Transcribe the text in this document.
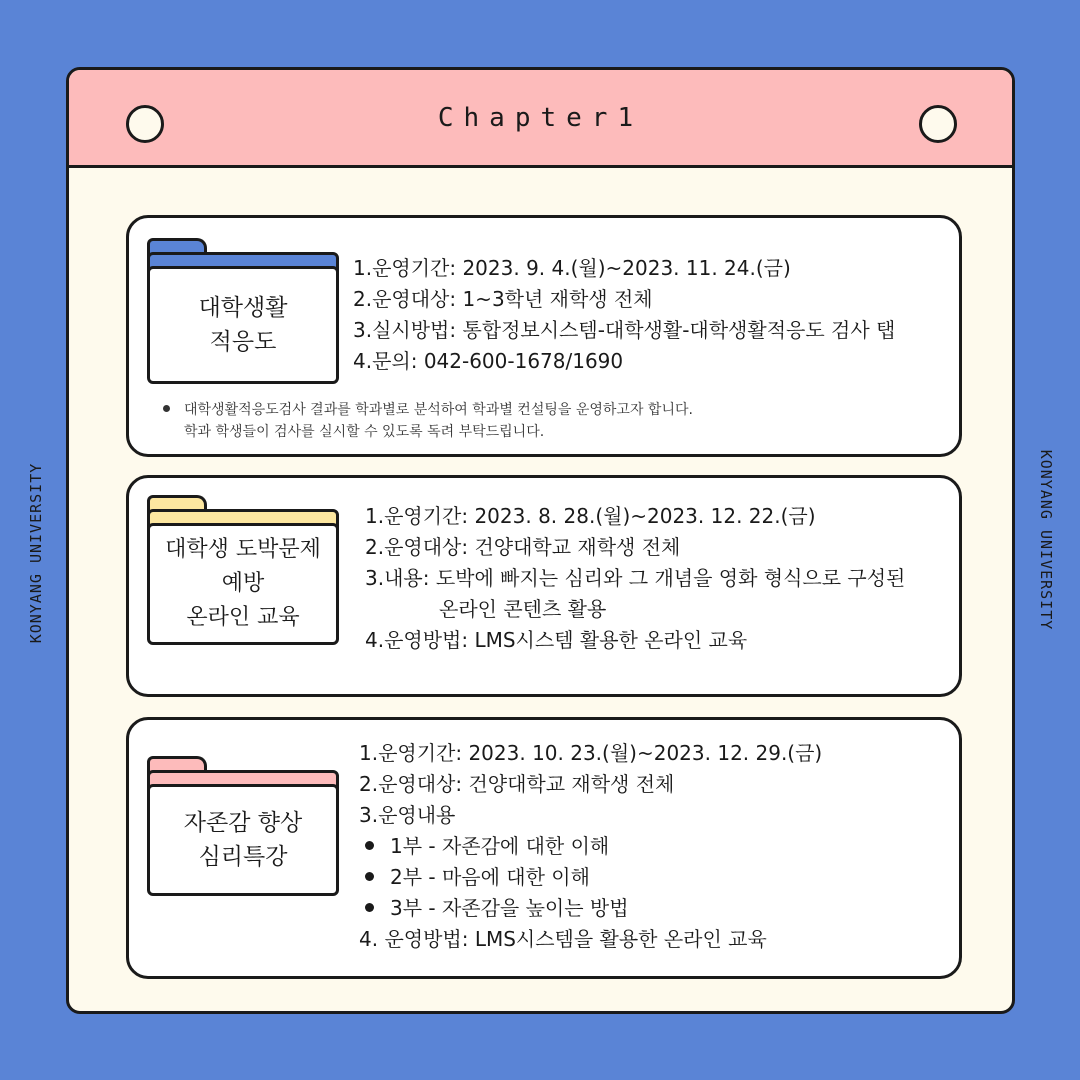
KONYANG UNIVERSITY	KONYANG UNIVERSITY
Chapter1
대학생활
적응도
1.운영기간: 2023. 9. 4.(월)~2023. 11. 24.(금)
2.운영대상: 1~3학년 재학생 전체
3.실시방법: 통합정보시스템-대학생활-대학생활적응도 검사 탭
4.문의: 042-600-1678/1690
대학생활적응도검사 결과를 학과별로 분석하여 학과별 컨설팅을 운영하고자 합니다.
학과 학생들이 검사를 실시할 수 있도록 독려 부탁드립니다.
대학생 도박문제
예방
온라인 교육
1.운영기간: 2023. 8. 28.(월)~2023. 12. 22.(금)
2.운영대상: 건양대학교 재학생 전체
3.내용: 도박에 빠지는 심리와 그 개념을 영화 형식으로 구성된
온라인 콘텐츠 활용
4.운영방법: LMS시스템 활용한 온라인 교육
자존감 향상
심리특강
1.운영기간: 2023. 10. 23.(월)~2023. 12. 29.(금)
2.운영대상: 건양대학교 재학생 전체
3.운영내용
1부 - 자존감에 대한 이해
2부 - 마음에 대한 이해
3부 - 자존감을 높이는 방법
4. 운영방법: LMS시스템을 활용한 온라인 교육
